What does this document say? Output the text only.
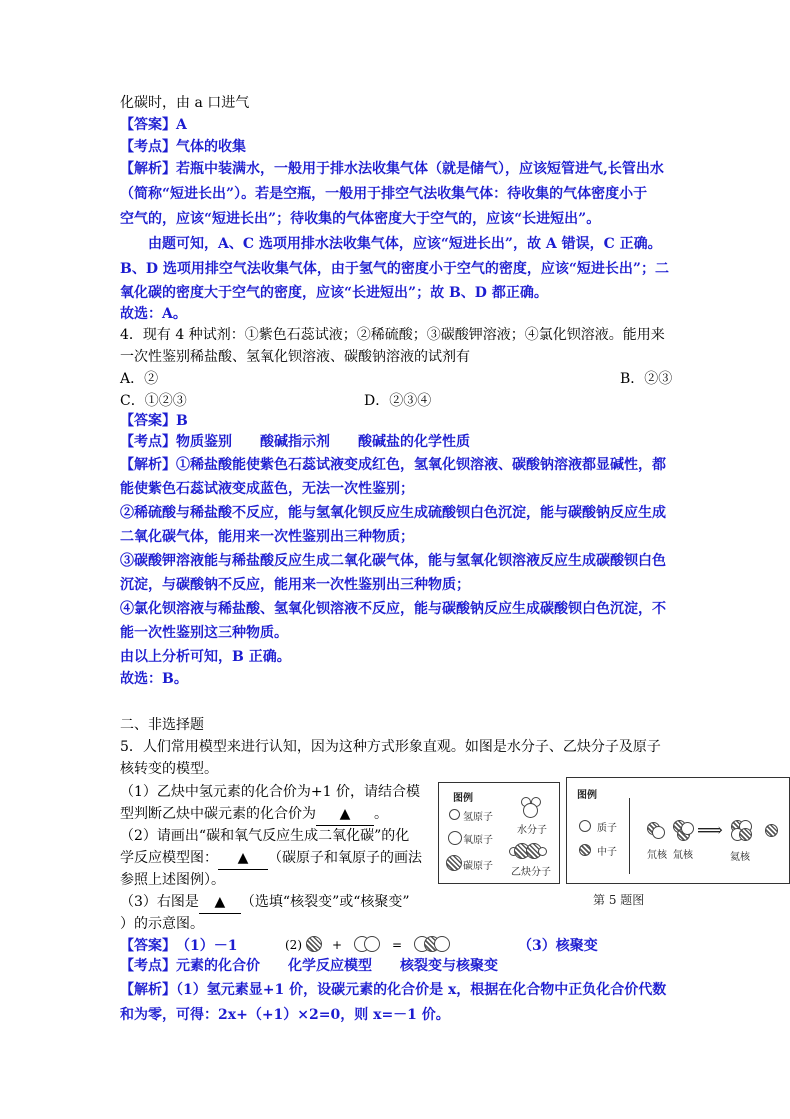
化碳时，由 a 口进气
【答案】A
【考点】气体的收集
【解析】若瓶中装满水，一般用于排水法收集气体（就是储气），应该短管进气,长管出水
（简称“短进长出”）。若是空瓶，一般用于排空气法收集气体：待收集的气体密度小于
空气的，应该“短进长出”；待收集的气体密度大于空气的，应该“长进短出”。
由题可知，A、C 选项用排水法收集气体，应该“短进长出”，故 A 错误，C 正确。
B、D 选项用排空气法收集气体，由于氢气的密度小于空气的密度，应该“短进长出”；二
氧化碳的密度大于空气的密度，应该“长进短出”；故 B、D 都正确。
故选：A。
4．现有 4 种试剂：①紫色石蕊试液；②稀硫酸；③碳酸钾溶液；④氯化钡溶液。能用来
一次性鉴别稀盐酸、氢氧化钡溶液、碳酸钠溶液的试剂有
A．②	B．②③
C．①②③	D．②③④
【答案】B
【考点】物质鉴别　　酸碱指示剂　　酸碱盐的化学性质
【解析】①稀盐酸能使紫色石蕊试液变成红色，氢氧化钡溶液、碳酸钠溶液都显碱性，都
能使紫色石蕊试液变成蓝色，无法一次性鉴别；
②稀硫酸与稀盐酸不反应，能与氢氧化钡反应生成硫酸钡白色沉淀，能与碳酸钠反应生成
二氧化碳气体，能用来一次性鉴别出三种物质；
③碳酸钾溶液能与稀盐酸反应生成二氧化碳气体，能与氢氧化钡溶液反应生成碳酸钡白色
沉淀，与碳酸钠不反应，能用来一次性鉴别出三种物质；
④氯化钡溶液与稀盐酸、氢氧化钡溶液不反应，能与碳酸钠反应生成碳酸钡白色沉淀，不
能一次性鉴别这三种物质。
由以上分析可知，B 正确。
故选：B。
二、非选择题
5．人们常用模型来进行认知，因为这种方式形象直观。如图是水分子、乙炔分子及原子
核转变的模型。
（1）乙炔中氢元素的化合价为+1 价，请结合模
型判断乙炔中碳元素的化合价为 ▲ 。
（2）请画出“碳和氧气反应生成二氧化碳”的化
学反应模型图： ▲ （碳原子和氧原子的画法
参照上述图例）。
（3）右图是 ▲ （选填“核裂变”或“核聚变”
）的示意图。
图例
氢原子
氧原子
碳原子
水分子
乙炔分子
图例
质子
中子	氘核 氚核
⟹
氦核
第 5 题图
【答案】 （1）－1	(2)	+	=	（3）核聚变
【考点】元素的化合价　　化学反应模型　　核裂变与核聚变
【解析】（1）氢元素显+1 价，设碳元素的化合价是 x，根据在化合物中正负化合价代数
和为零，可得：2x+（+1）×2=0，则 x=－1 价。
